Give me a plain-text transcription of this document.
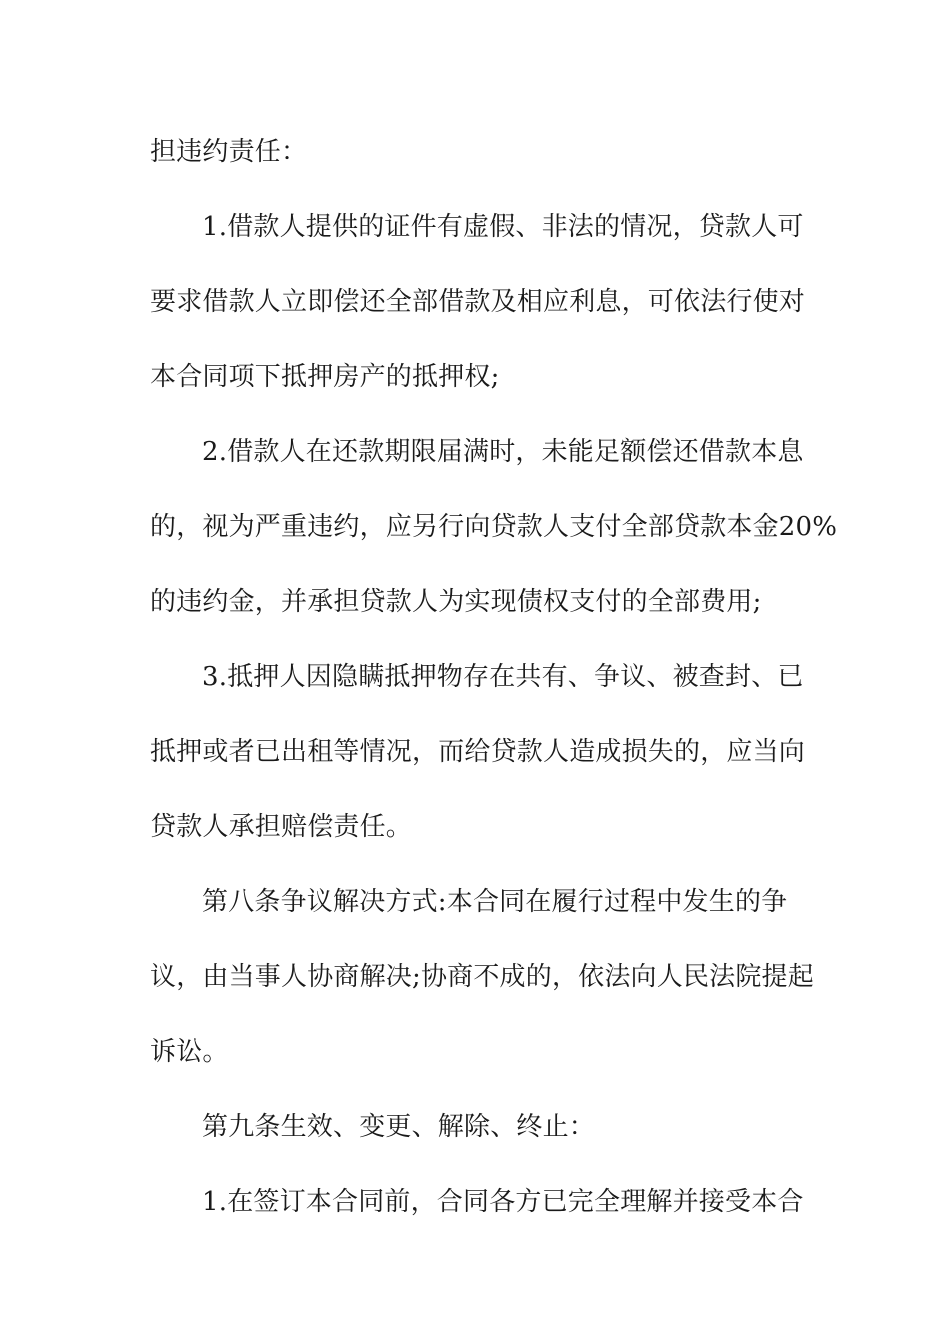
担违约责任：
1.借款人提供的证件有虚假、非法的情况，贷款人可
要求借款人立即偿还全部借款及相应利息，可依法行使对
本合同项下抵押房产的抵押权;
2.借款人在还款期限届满时，未能足额偿还借款本息
的，视为严重违约，应另行向贷款人支付全部贷款本金20%
的违约金，并承担贷款人为实现债权支付的全部费用;
3.抵押人因隐瞒抵押物存在共有、争议、被查封、已
抵押或者已出租等情况，而给贷款人造成损失的，应当向
贷款人承担赔偿责任。
第八条争议解决方式:本合同在履行过程中发生的争
议，由当事人协商解决;协商不成的，依法向人民法院提起
诉讼。
第九条生效、变更、解除、终止：
1.在签订本合同前，合同各方已完全理解并接受本合
